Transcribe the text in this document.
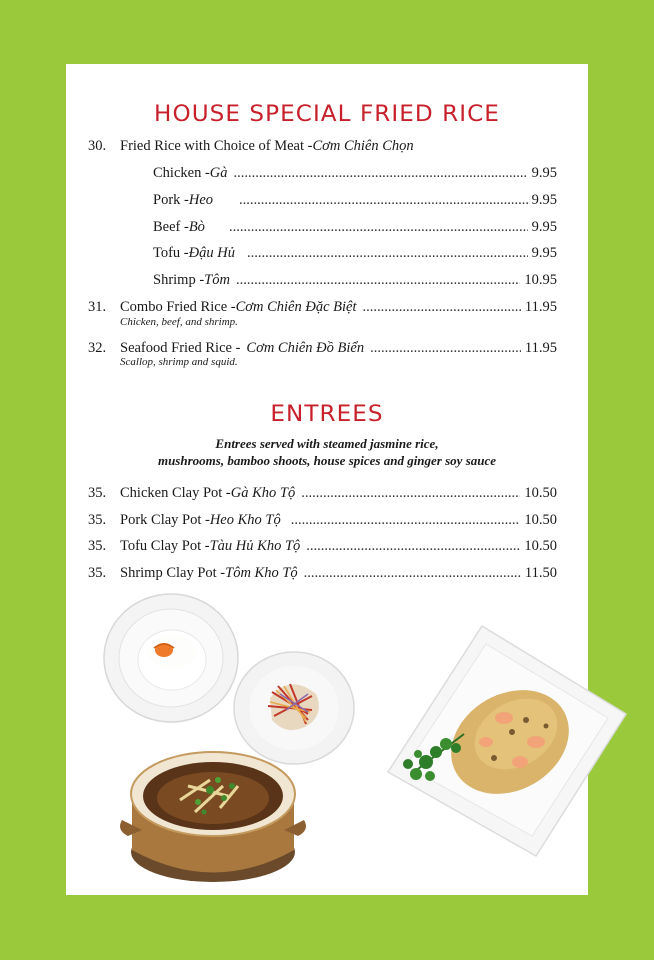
HOUSE SPECIAL FRIED RICE
30. Fried Rice with Choice of Meat - Cơm Chiên Chọn
Chicken - Gà .....	9.95
Pork - Heo .....	9.95
Beef - Bò .....	9.95
Tofu - Đậu Hủ .....	9.95
Shrimp - Tôm .....	10.95
31. Combo Fried Rice - Cơm Chiên Đặc Biệt .....	11.95
Chicken, beef, and shrimp.
32. Seafood Fried Rice - Cơm Chiên Đồ Biển .....	11.95
Scallop, shrimp and squid.
ENTREES
Entrees served with steamed jasmine rice,
mushrooms, bamboo shoots, house spices and ginger soy sauce
35. Chicken Clay Pot - Gà Kho Tộ .....	10.50
35. Pork Clay Pot - Heo Kho Tộ .....	10.50
35. Tofu Clay Pot - Tàu Hủ Kho Tộ .....	10.50
35. Shrimp Clay Pot - Tôm Kho Tộ .....	11.50
